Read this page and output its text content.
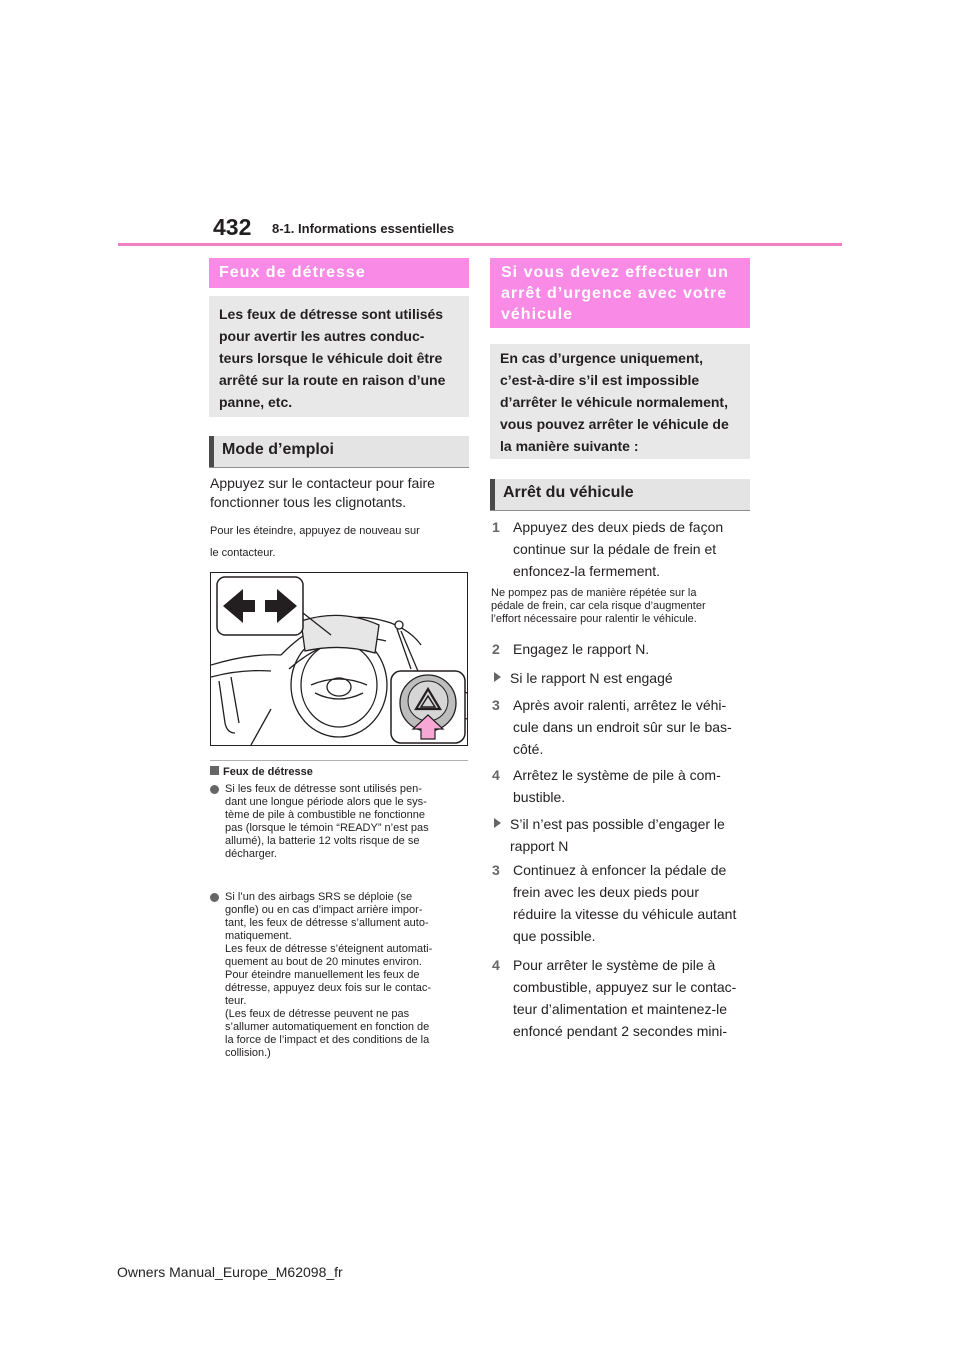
432 8-1. Informations essentielles
Feux de détresse
Les feux de détresse sont utilisés
pour avertir les autres conduc-
teurs lorsque le véhicule doit être
arrêté sur la route en raison d’une
panne, etc.
Mode d’emploi
Appuyez sur le contacteur pour faire
fonctionner tous les clignotants.
Pour les éteindre, appuyez de nouveau sur
le contacteur.
Feux de détresse
Si les feux de détresse sont utilisés pen-
dant une longue période alors que le sys-
tème de pile à combustible ne fonctionne
pas (lorsque le témoin “READY” n’est pas
allumé), la batterie 12 volts risque de se
décharger.
Si l’un des airbags SRS se déploie (se
gonfle) ou en cas d’impact arrière impor-
tant, les feux de détresse s’allument auto-
matiquement.
Les feux de détresse s’éteignent automati-
quement au bout de 20 minutes environ.
Pour éteindre manuellement les feux de
détresse, appuyez deux fois sur le contac-
teur.
(Les feux de détresse peuvent ne pas
s’allumer automatiquement en fonction de
la force de l’impact et des conditions de la
collision.)
Si vous devez effectuer un
arrêt d’urgence avec votre
véhicule
En cas d’urgence uniquement,
c’est-à-dire s’il est impossible
d’arrêter le véhicule normalement,
vous pouvez arrêter le véhicule de
la manière suivante :
Arrêt du véhicule
1 Appuyez des deux pieds de façon
continue sur la pédale de frein et
enfoncez-la fermement.
Ne pompez pas de manière répétée sur la
pédale de frein, car cela risque d’augmenter
l’effort nécessaire pour ralentir le véhicule.
2 Engagez le rapport N.
Si le rapport N est engagé
3 Après avoir ralenti, arrêtez le véhi-
cule dans un endroit sûr sur le bas-
côté.
4 Arrêtez le système de pile à com-
bustible.
S’il n’est pas possible d’engager le
rapport N
3 Continuez à enfoncer la pédale de
frein avec les deux pieds pour
réduire la vitesse du véhicule autant
que possible.
4 Pour arrêter le système de pile à
combustible, appuyez sur le contac-
teur d’alimentation et maintenez-le
enfoncé pendant 2 secondes mini-
Owners Manual_Europe_M62098_fr
